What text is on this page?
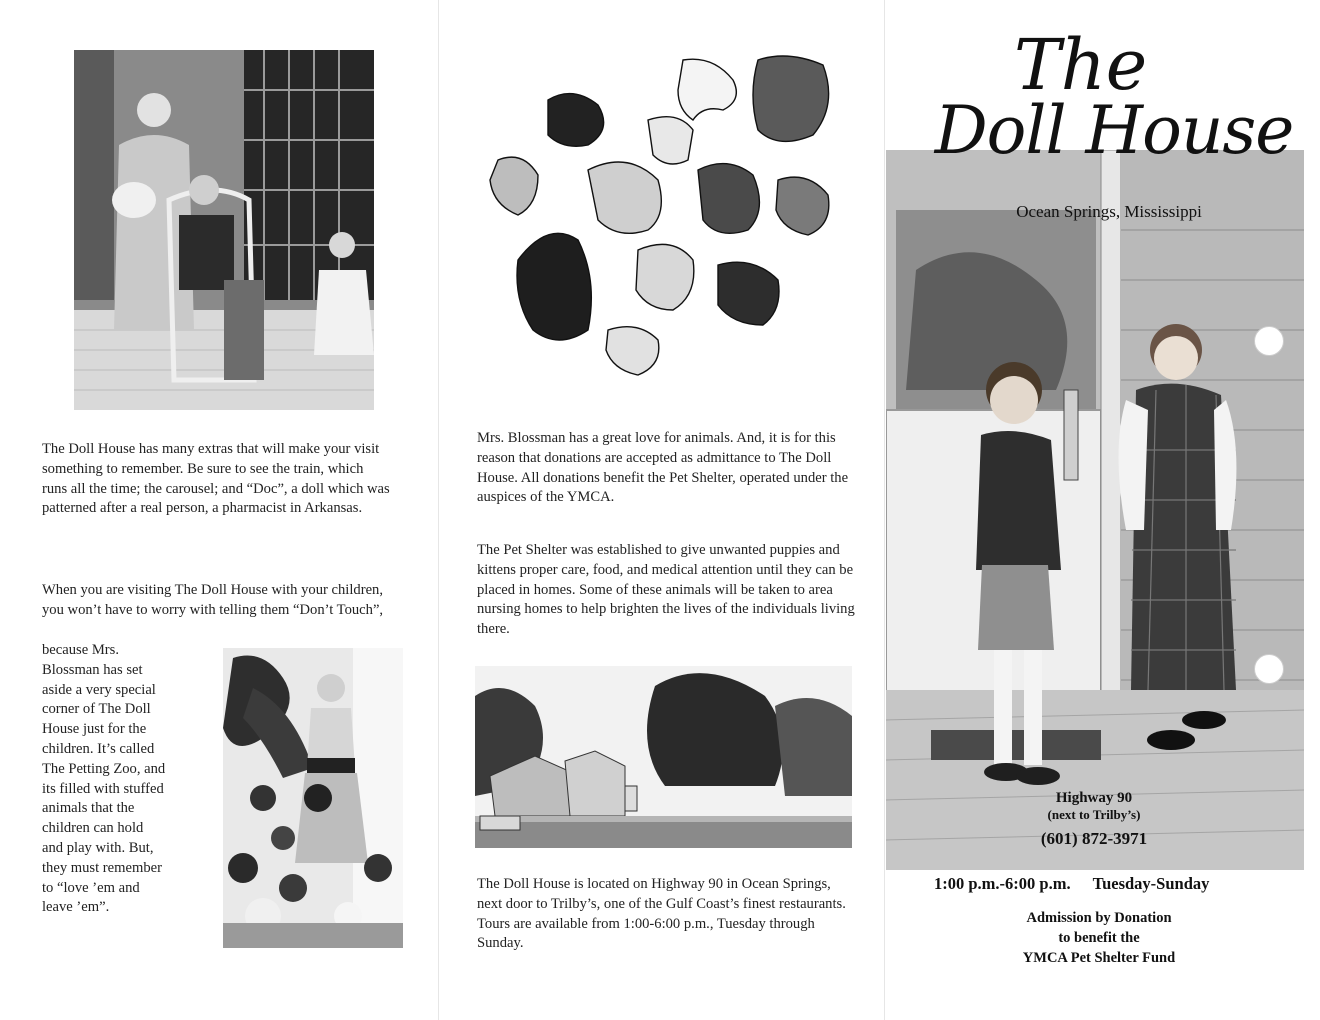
The Doll House has many extras that will make your visit something to remember. Be sure to see the train, which runs all the time; the carousel; and “Doc”, a doll which was patterned after a real person, a pharmacist in Arkansas.

When you are visiting The Doll House with your children, you won’t have to worry with telling them “Don’t Touch”,

because Mrs.

Blossman has set

aside a very special

corner of The Doll

House just for the

children. It’s called

The Petting Zoo, and

its filled with stuffed

animals that the

children can hold

and play with. But,

they must remember

to “love ’em and

leave ’em”.

Mrs. Blossman has a great love for animals. And, it is for this reason that donations are accepted as admittance to The Doll House. All donations benefit the Pet Shelter, operated under the auspices of the YMCA.

The Pet Shelter was established to give unwanted puppies and kittens proper care, food, and medical attention until they can be placed in homes. Some of these animals will be taken to area nursing homes to help brighten the lives of the individuals living there.

The Doll House is located on Highway 90 in Ocean Springs, next door to Trilby’s, one of the Gulf Coast’s finest restaurants. Tours are available from 1:00-6:00 p.m., Tuesday through Sunday.

The
Doll House
Ocean Springs, Mississippi
Highway 90
(next to Trilby’s)
(601) 872-3971
1:00 p.m.-6:00 p.m. Tuesday-Sunday
Admission by Donation
to benefit the
YMCA Pet Shelter Fund
